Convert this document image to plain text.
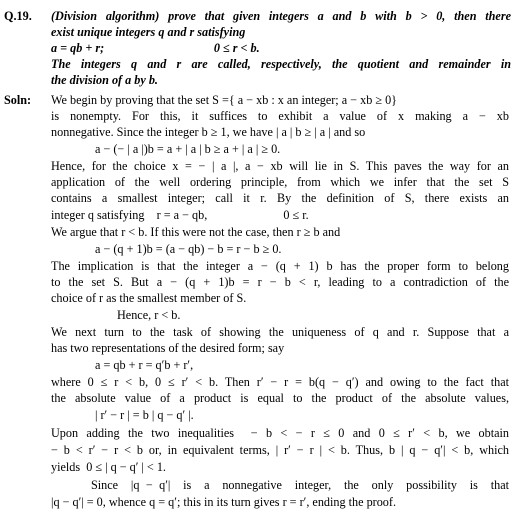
Q.19. (Division algorithm) prove that given integers a and b with b > 0, then there
exist unique integers q and r satisfying
a = qb + r;                                    0 ≤ r < b.
The integers q and r are called, respectively, the quotient and remainder in
the division of a by b.
Soln: We begin by proving that the set S ={ a − xb : x an integer; a − xb ≥ 0}
is nonempty. For this, it suffices to exhibit a value of x making a − xb
nonnegative. Since the integer b ≥ 1, we have | a | b ≥ | a | and so
a − (− | a |)b = a + | a | b ≥ a + | a | ≥ 0.
Hence, for the choice x = − | a |, a − xb will lie in S. This paves the way for an
application of the well ordering principle, from which we infer that the set S
contains a smallest integer; call it r. By the definition of S, there exists an
integer q satisfying    r = a − qb,                         0 ≤ r.
We argue that r < b. If this were not the case, then r ≥ b and
a − (q + 1)b = (a − qb) − b = r − b ≥ 0.
The implication is that the integer a − (q + 1) b has the proper form to belong
to the set S. But a − (q + 1)b = r − b < r, leading to a contradiction of the
choice of r as the smallest member of S.
Hence, r < b.
We next turn to the task of showing the uniqueness of q and r. Suppose that a
has two representations of the desired form; say
a = qb + r = q′b + r′,
where 0 ≤ r < b, 0 ≤ r′ < b. Then r′ − r = b(q − q′) and owing to the fact that
the absolute value of a product is equal to the product of the absolute values,
| r′ − r | = b | q − q′ |.
Upon adding the two inequalities  − b < − r ≤ 0 and 0 ≤ r′ < b, we obtain
− b < r′ − r < b or, in equivalent terms, | r′ − r | < b. Thus, b | q − q′| < b, which
yields  0 ≤ | q − q′ | < 1.
Since  |q − q′|  is  a  nonnegative  integer,  the  only  possibility  is  that
|q − q′| = 0, whence q = q′; this in its turn gives r = r′, ending the proof.
